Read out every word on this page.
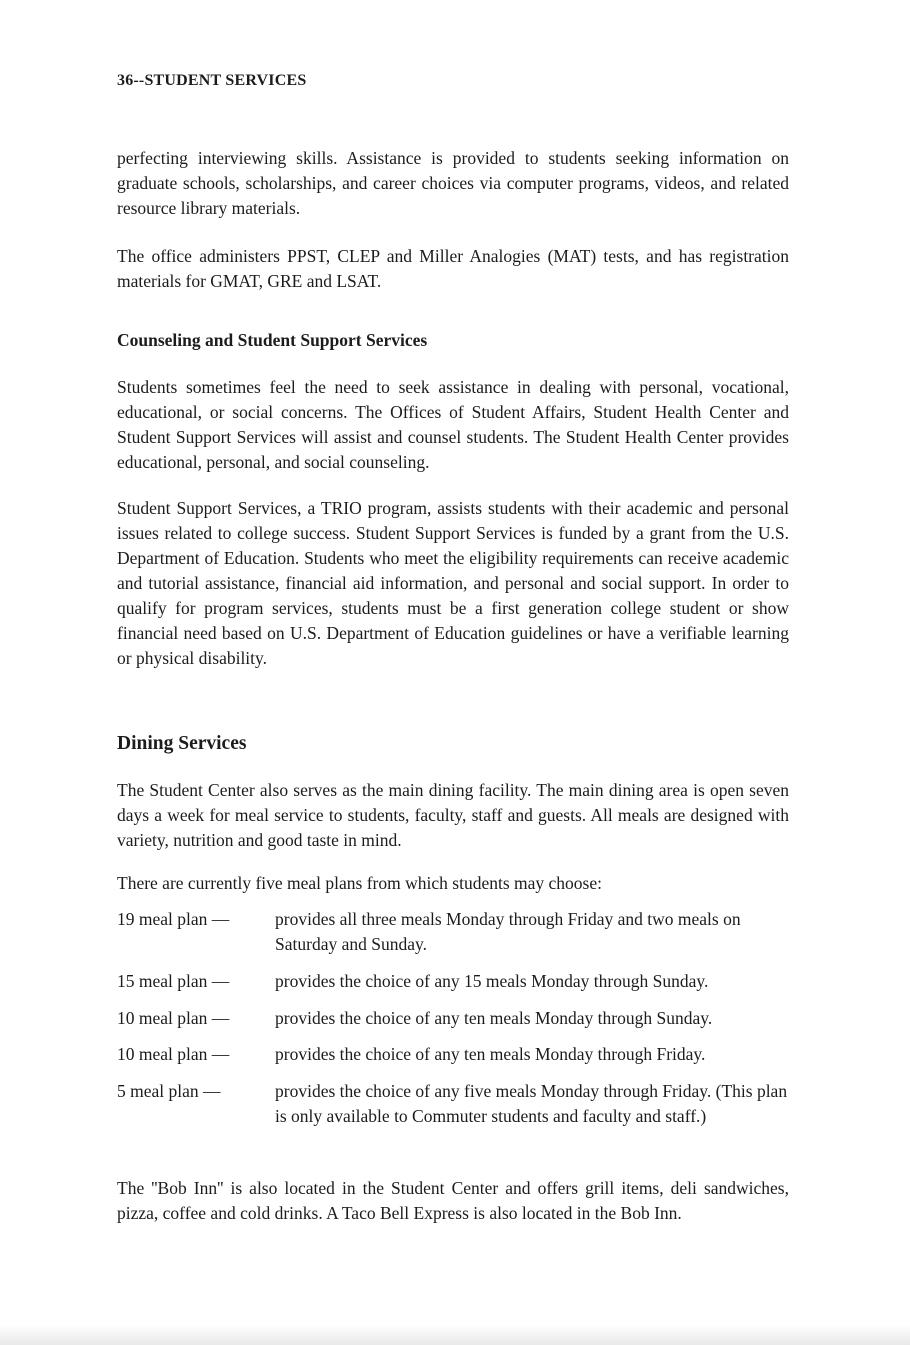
36--STUDENT SERVICES

perfecting interviewing skills. Assistance is provided to students seeking information on graduate schools, scholarships, and career choices via computer programs, videos, and related resource library materials.

The office administers PPST, CLEP and Miller Analogies (MAT) tests, and has registration materials for GMAT, GRE and LSAT.

Counseling and Student Support Services

Students sometimes feel the need to seek assistance in dealing with personal, vocational, educational, or social concerns. The Offices of Student Affairs, Student Health Center and Student Support Services will assist and counsel students. The Student Health Center provides educational, personal, and social counseling.

Student Support Services, a TRIO program, assists students with their academic and personal issues related to college success. Student Support Services is funded by a grant from the U.S. Department of Education. Students who meet the eligibility requirements can receive academic and tutorial assistance, financial aid information, and personal and social support. In order to qualify for program services, students must be a first generation college student or show financial need based on U.S. Department of Education guidelines or have a verifiable learning or physical disability.

Dining Services

The Student Center also serves as the main dining facility. The main dining area is open seven days a week for meal service to students, faculty, staff and guests. All meals are designed with variety, nutrition and good taste in mind.

There are currently five meal plans from which students may choose:

19 meal plan —	provides all three meals Monday through Friday and two meals on Saturday and Sunday.
15 meal plan —	provides the choice of any 15 meals Monday through Sunday.
10 meal plan —	provides the choice of any ten meals Monday through Sunday.
10 meal plan —	provides the choice of any ten meals Monday through Friday.
5 meal plan —	provides the choice of any five meals Monday through Friday. (This plan is only available to Commuter students and faculty and staff.)

The ''Bob Inn'' is also located in the Student Center and offers grill items, deli sandwiches, pizza, coffee and cold drinks. A Taco Bell Express is also located in the Bob Inn.
